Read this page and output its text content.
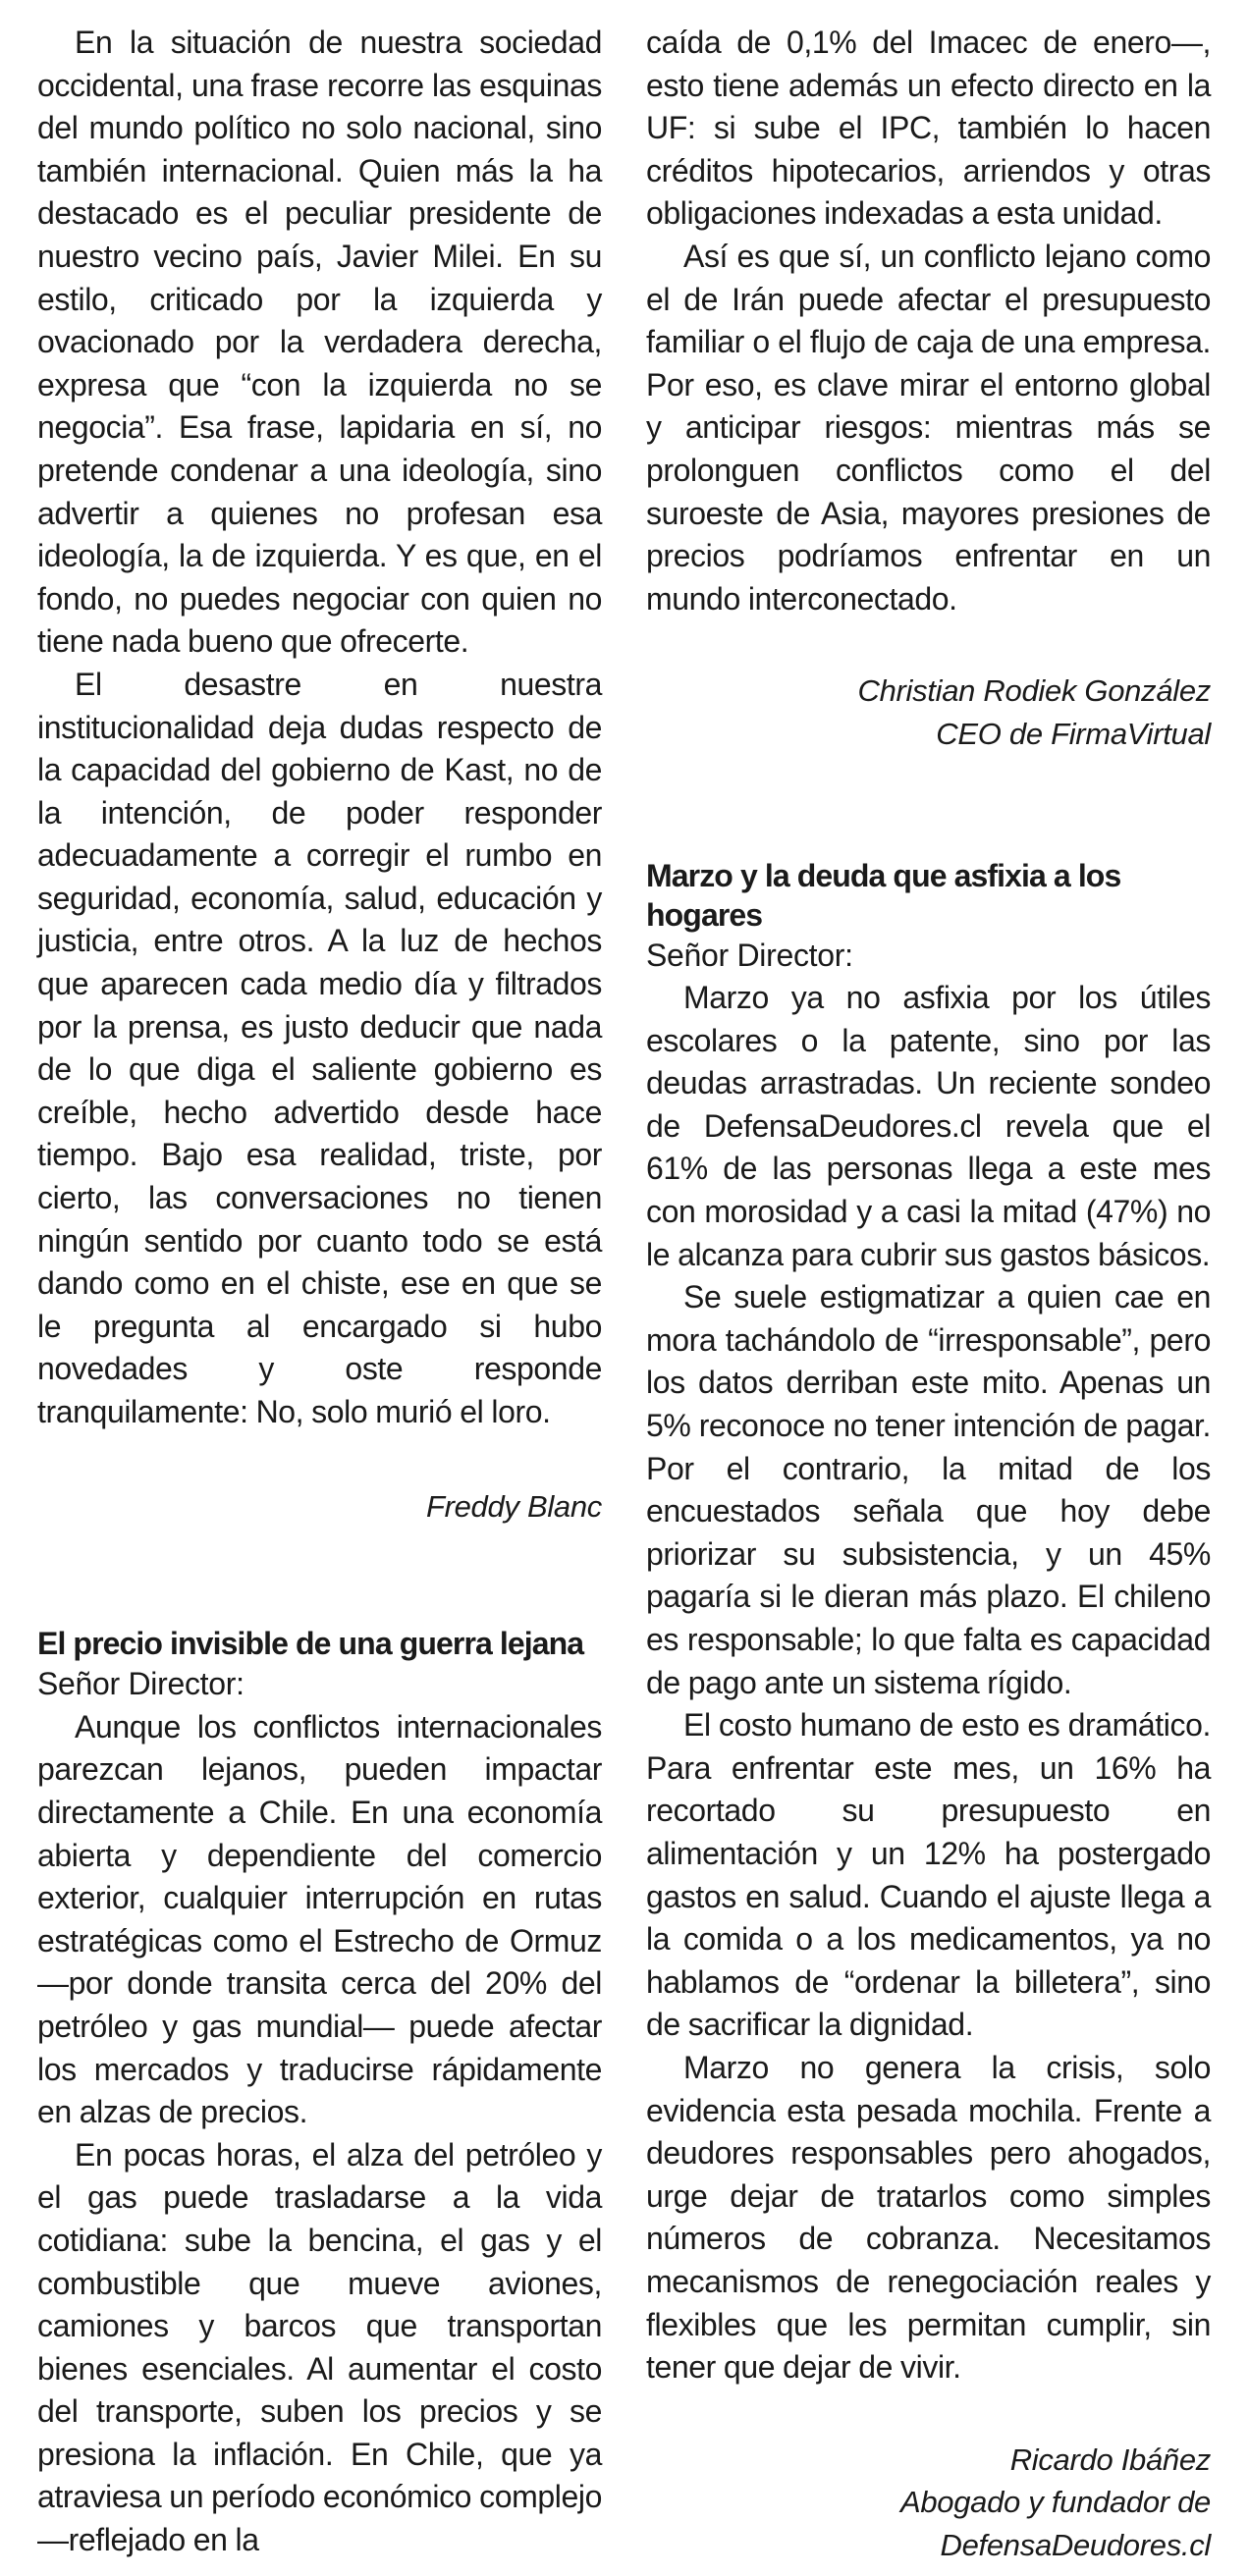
En la situación de nuestra sociedad occidental, una frase recorre las esquinas del mundo político no solo nacional, sino también internacional. Quien más la ha destacado es el peculiar presidente de nuestro vecino país, Javier Milei. En su estilo, criticado por la izquierda y ovacionado por la verdadera derecha, expresa que “con la izquierda no se negocia”. Esa frase, lapidaria en sí, no pretende condenar a una ideología, sino advertir a quienes no profesan esa ideología, la de izquierda. Y es que, en el fondo, no puedes negociar con quien no tiene nada bueno que ofrecerte.

El desastre en nuestra institucionalidad deja dudas respecto de la capacidad del gobierno de Kast, no de la intención, de poder responder adecuadamente a corregir el rumbo en seguridad, economía, salud, educación y justicia, entre otros. A la luz de hechos que aparecen cada medio día y filtrados por la prensa, es justo deducir que nada de lo que diga el saliente gobierno es creíble, hecho advertido desde hace tiempo. Bajo esa realidad, triste, por cierto, las conversaciones no tienen ningún sentido por cuanto todo se está dando como en el chiste, ese en que se le pregunta al encargado si hubo novedades y oste responde tranquilamente: No, solo murió el loro.

Freddy Blanc

El precio invisible de una guerra lejana

Señor Director:

Aunque los conflictos internacionales parezcan lejanos, pueden impactar directamente a Chile. En una economía abierta y dependiente del comercio exterior, cualquier interrupción en rutas estratégicas como el Estrecho de Ormuz —por donde transita cerca del 20% del petróleo y gas mundial— puede afectar los mercados y traducirse rápidamente en alzas de precios.

En pocas horas, el alza del petróleo y el gas puede trasladarse a la vida cotidiana: sube la bencina, el gas y el combustible que mueve aviones, camiones y barcos que transportan bienes esenciales. Al aumentar el costo del transporte, suben los precios y se presiona la inflación. En Chile, que ya atraviesa un período económico complejo —reflejado en la

caída de 0,1% del Imacec de enero—, esto tiene además un efecto directo en la UF: si sube el IPC, también lo hacen créditos hipotecarios, arriendos y otras obligaciones indexadas a esta unidad.

Así es que sí, un conflicto lejano como el de Irán puede afectar el presupuesto familiar o el flujo de caja de una empresa. Por eso, es clave mirar el entorno global y anticipar riesgos: mientras más se prolonguen conflictos como el del suroeste de Asia, mayores presiones de precios podríamos enfrentar en un mundo interconectado.

Christian Rodiek González

CEO de FirmaVirtual

Marzo y la deuda que asfixia a los hogares

Señor Director:

Marzo ya no asfixia por los útiles escolares o la patente, sino por las deudas arrastradas. Un reciente sondeo de DefensaDeudores.cl revela que el 61% de las personas llega a este mes con morosidad y a casi la mitad (47%) no le alcanza para cubrir sus gastos básicos.

Se suele estigmatizar a quien cae en mora tachándolo de “irresponsable”, pero los datos derriban este mito. Apenas un 5% reconoce no tener intención de pagar. Por el contrario, la mitad de los encuestados señala que hoy debe priorizar su subsistencia, y un 45% pagaría si le dieran más plazo. El chileno es responsable; lo que falta es capacidad de pago ante un sistema rígido.

El costo humano de esto es dramático. Para enfrentar este mes, un 16% ha recortado su presupuesto en alimentación y un 12% ha postergado gastos en salud. Cuando el ajuste llega a la comida o a los medicamentos, ya no hablamos de “ordenar la billetera”, sino de sacrificar la dignidad.

Marzo no genera la crisis, solo evidencia esta pesada mochila. Frente a deudores responsables pero ahogados, urge dejar de tratarlos como simples números de cobranza. Necesitamos mecanismos de renegociación reales y flexibles que les permitan cumplir, sin tener que dejar de vivir.

Ricardo Ibáñez

Abogado y fundador de DefensaDeudores.cl
